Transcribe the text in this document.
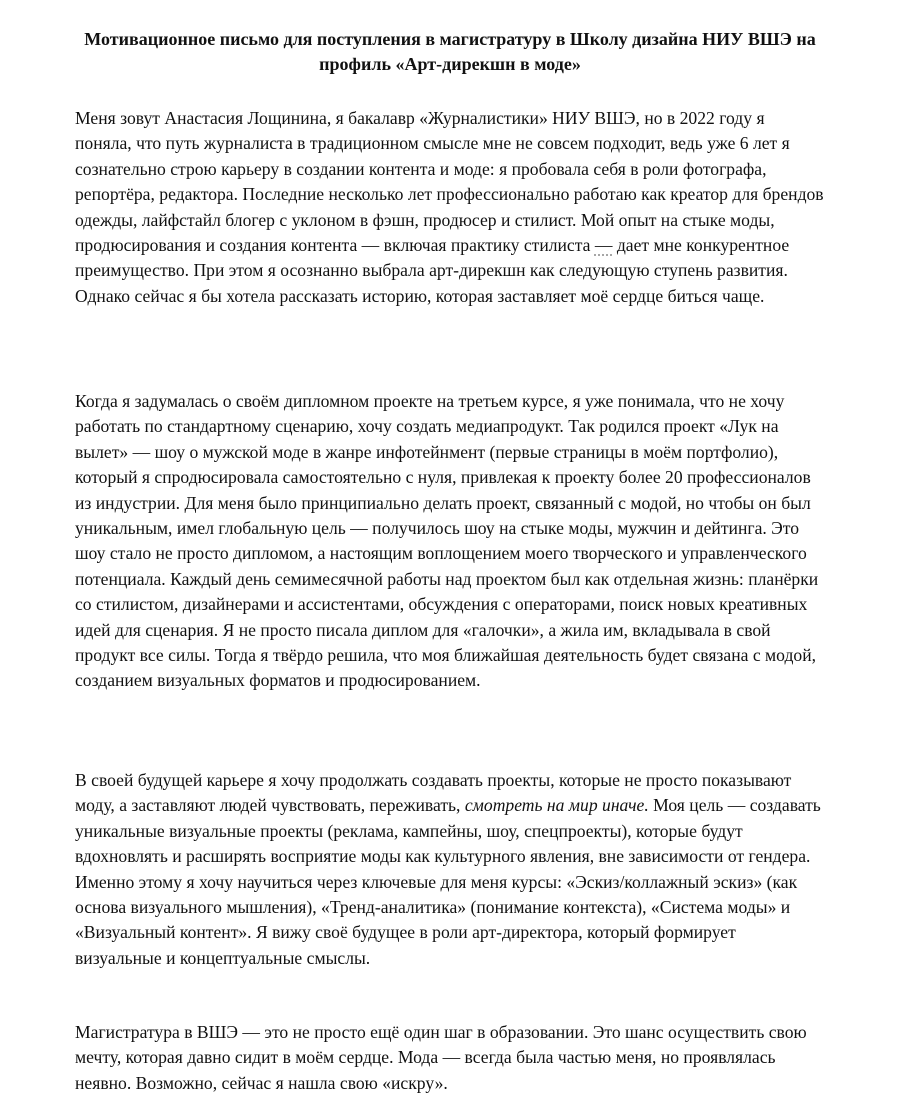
Мотивационное письмо для поступления в магистратуру в Школу дизайна НИУ ВШЭ на профиль «Арт-дирекшн в моде»

Меня зовут Анастасия Лощинина, я бакалавр «Журналистики» НИУ ВШЭ, но в 2022 году я поняла, что путь журналиста в традиционном смысле мне не совсем подходит, ведь уже 6 лет я сознательно строю карьеру в создании контента и моде: я пробовала себя в роли фотографа, репортёра, редактора. Последние несколько лет профессионально работаю как креатор для брендов одежды, лайфстайл блогер с уклоном в фэшн, продюсер и стилист. Мой опыт на стыке моды, продюсирования и создания контента — включая практику стилиста — дает мне конкурентное преимущество. При этом я осознанно выбрала арт-дирекшн как следующую ступень развития. Однако сейчас я бы хотела рассказать историю, которая заставляет моё сердце биться чаще.

Когда я задумалась о своём дипломном проекте на третьем курсе, я уже понимала, что не хочу работать по стандартному сценарию, хочу создать медиапродукт. Так родился проект «Лук на вылет» — шоу о мужской моде в жанре инфотейнмент (первые страницы в моём портфолио), который я спродюсировала самостоятельно с нуля, привлекая к проекту более 20 профессионалов из индустрии. Для меня было принципиально делать проект, связанный с модой, но чтобы он был уникальным, имел глобальную цель — получилось шоу на стыке моды, мужчин и дейтинга. Это шоу стало не просто дипломом, а настоящим воплощением моего творческого и управленческого потенциала. Каждый день семимесячной работы над проектом был как отдельная жизнь: планёрки со стилистом, дизайнерами и ассистентами, обсуждения с операторами, поиск новых креативных идей для сценария. Я не просто писала диплом для «галочки», а жила им, вкладывала в свой продукт все силы. Тогда я твёрдо решила, что моя ближайшая деятельность будет связана с модой, созданием визуальных форматов и продюсированием.

В своей будущей карьере я хочу продолжать создавать проекты, которые не просто показывают моду, а заставляют людей чувствовать, переживать, смотреть на мир иначе. Моя цель — создавать уникальные визуальные проекты (реклама, кампейны, шоу, спецпроекты), которые будут вдохновлять и расширять восприятие моды как культурного явления, вне зависимости от гендера. Именно этому я хочу научиться через ключевые для меня курсы: «Эскиз/коллажный эскиз» (как основа визуального мышления), «Тренд-аналитика» (понимание контекста), «Система моды» и «Визуальный контент». Я вижу своё будущее в роли арт-директора, который формирует визуальные и концептуальные смыслы.

Магистратура в ВШЭ — это не просто ещё один шаг в образовании. Это шанс осуществить свою мечту, которая давно сидит в моём сердце. Мода — всегда была частью меня, но проявлялась неявно. Возможно, сейчас я нашла свою «искру».
